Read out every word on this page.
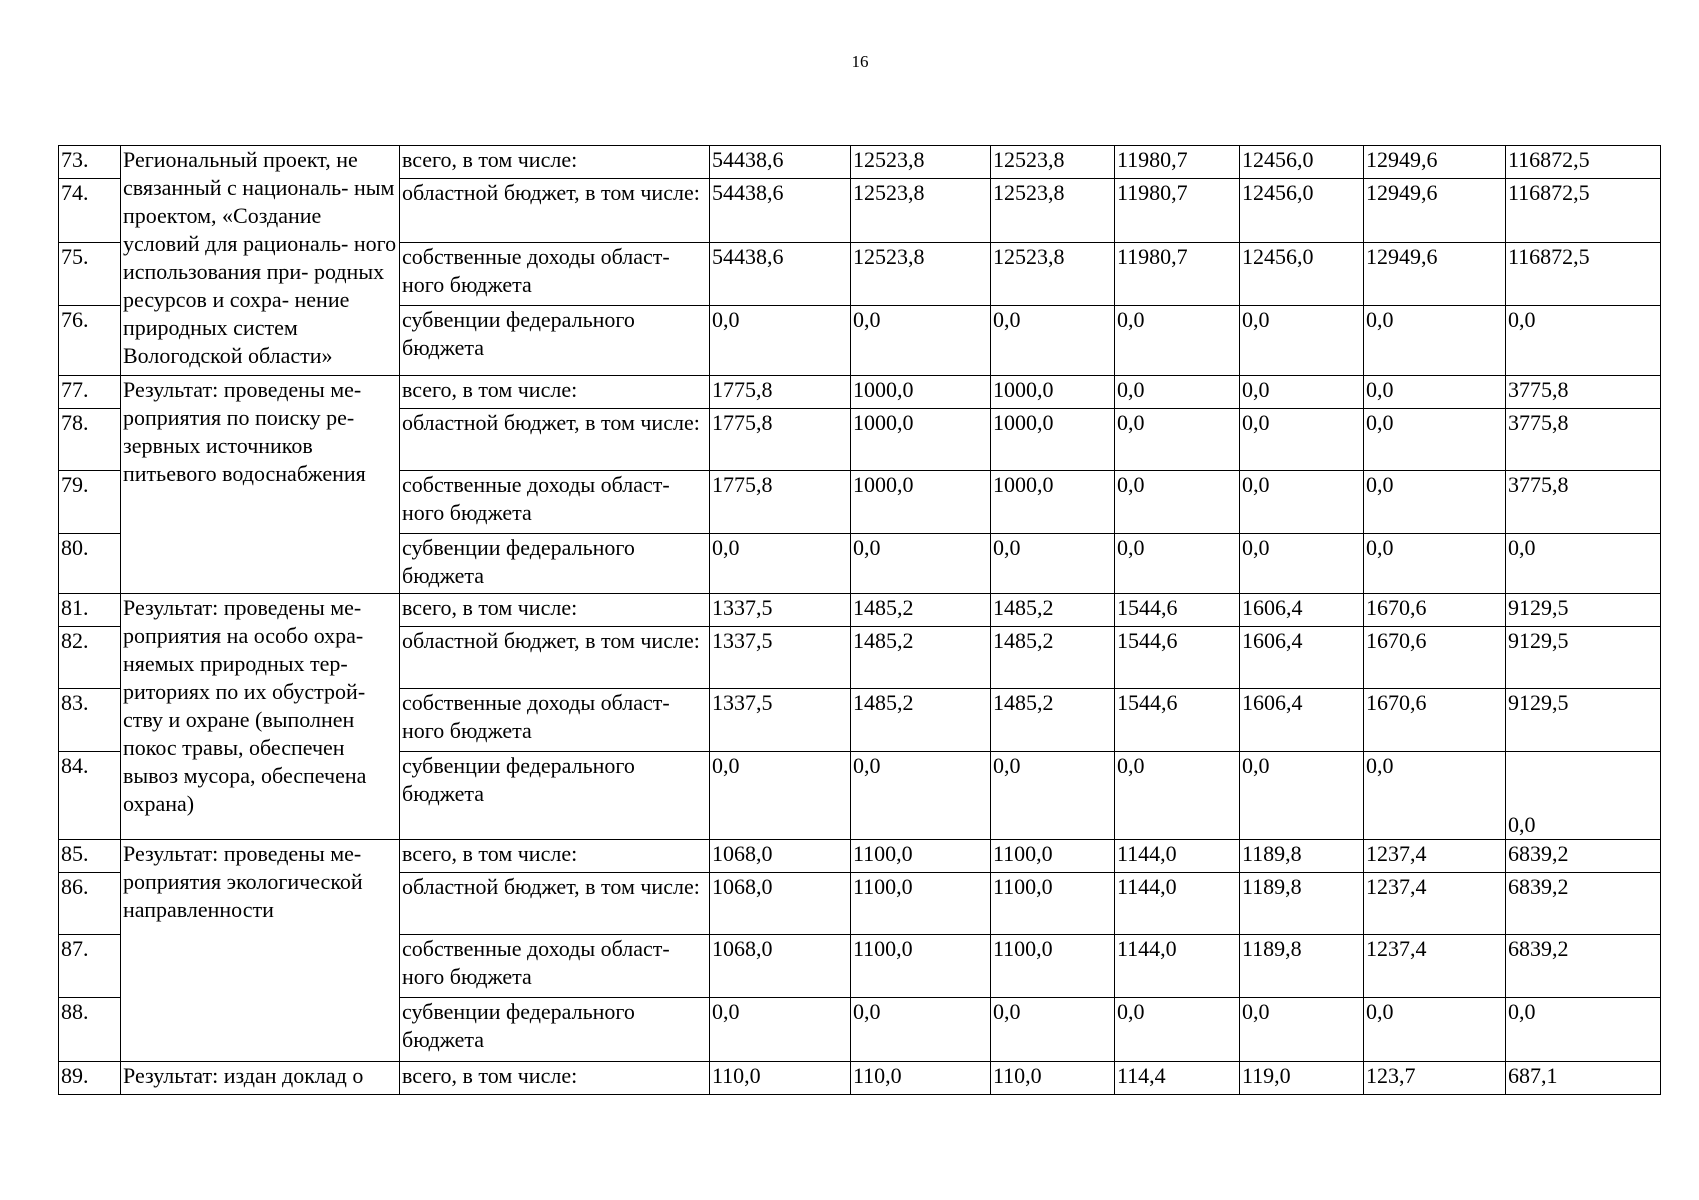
16
73.	Региональный проект, не связанный с националь- ным проектом, «Создание условий для рациональ- ного использования при- родных ресурсов и сохра- нение природных систем Вологодской области»	всего, в том числе:	54438,6	12523,8	12523,8	11980,7	12456,0	12949,6	116872,5
74.		областной бюджет, в том числе:	54438,6	12523,8	12523,8	11980,7	12456,0	12949,6	116872,5
75.		собственные доходы област- ного бюджета	54438,6	12523,8	12523,8	11980,7	12456,0	12949,6	116872,5
76.		субвенции федерального бюджета	0,0	0,0	0,0	0,0	0,0	0,0	0,0
77.	Результат: проведены ме- роприятия по поиску ре- зервных источников питьевого водоснабжения	всего, в том числе:	1775,8	1000,0	1000,0	0,0	0,0	0,0	3775,8
78.		областной бюджет, в том числе:	1775,8	1000,0	1000,0	0,0	0,0	0,0	3775,8
79.		собственные доходы област- ного бюджета	1775,8	1000,0	1000,0	0,0	0,0	0,0	3775,8
80.		субвенции федерального бюджета	0,0	0,0	0,0	0,0	0,0	0,0	0,0
81.	Результат: проведены ме- роприятия на особо охра- няемых природных тер- риториях по их обустрой- ству и охране (выполнен покос травы, обеспечен вывоз мусора, обеспечена охрана)	всего, в том числе:	1337,5	1485,2	1485,2	1544,6	1606,4	1670,6	9129,5
82.		областной бюджет, в том числе:	1337,5	1485,2	1485,2	1544,6	1606,4	1670,6	9129,5
83.		собственные доходы област- ного бюджета	1337,5	1485,2	1485,2	1544,6	1606,4	1670,6	9129,5
84.		субвенции федерального бюджета	0,0	0,0	0,0	0,0	0,0	0,0	0,0
85.	Результат: проведены ме- роприятия экологической направленности	всего, в том числе:	1068,0	1100,0	1100,0	1144,0	1189,8	1237,4	6839,2
86.		областной бюджет, в том числе:	1068,0	1100,0	1100,0	1144,0	1189,8	1237,4	6839,2
87.		собственные доходы област- ного бюджета	1068,0	1100,0	1100,0	1144,0	1189,8	1237,4	6839,2
88.		субвенции федерального бюджета	0,0	0,0	0,0	0,0	0,0	0,0	0,0
89.	Результат: издан доклад о	всего, в том числе:	110,0	110,0	110,0	114,4	119,0	123,7	687,1
